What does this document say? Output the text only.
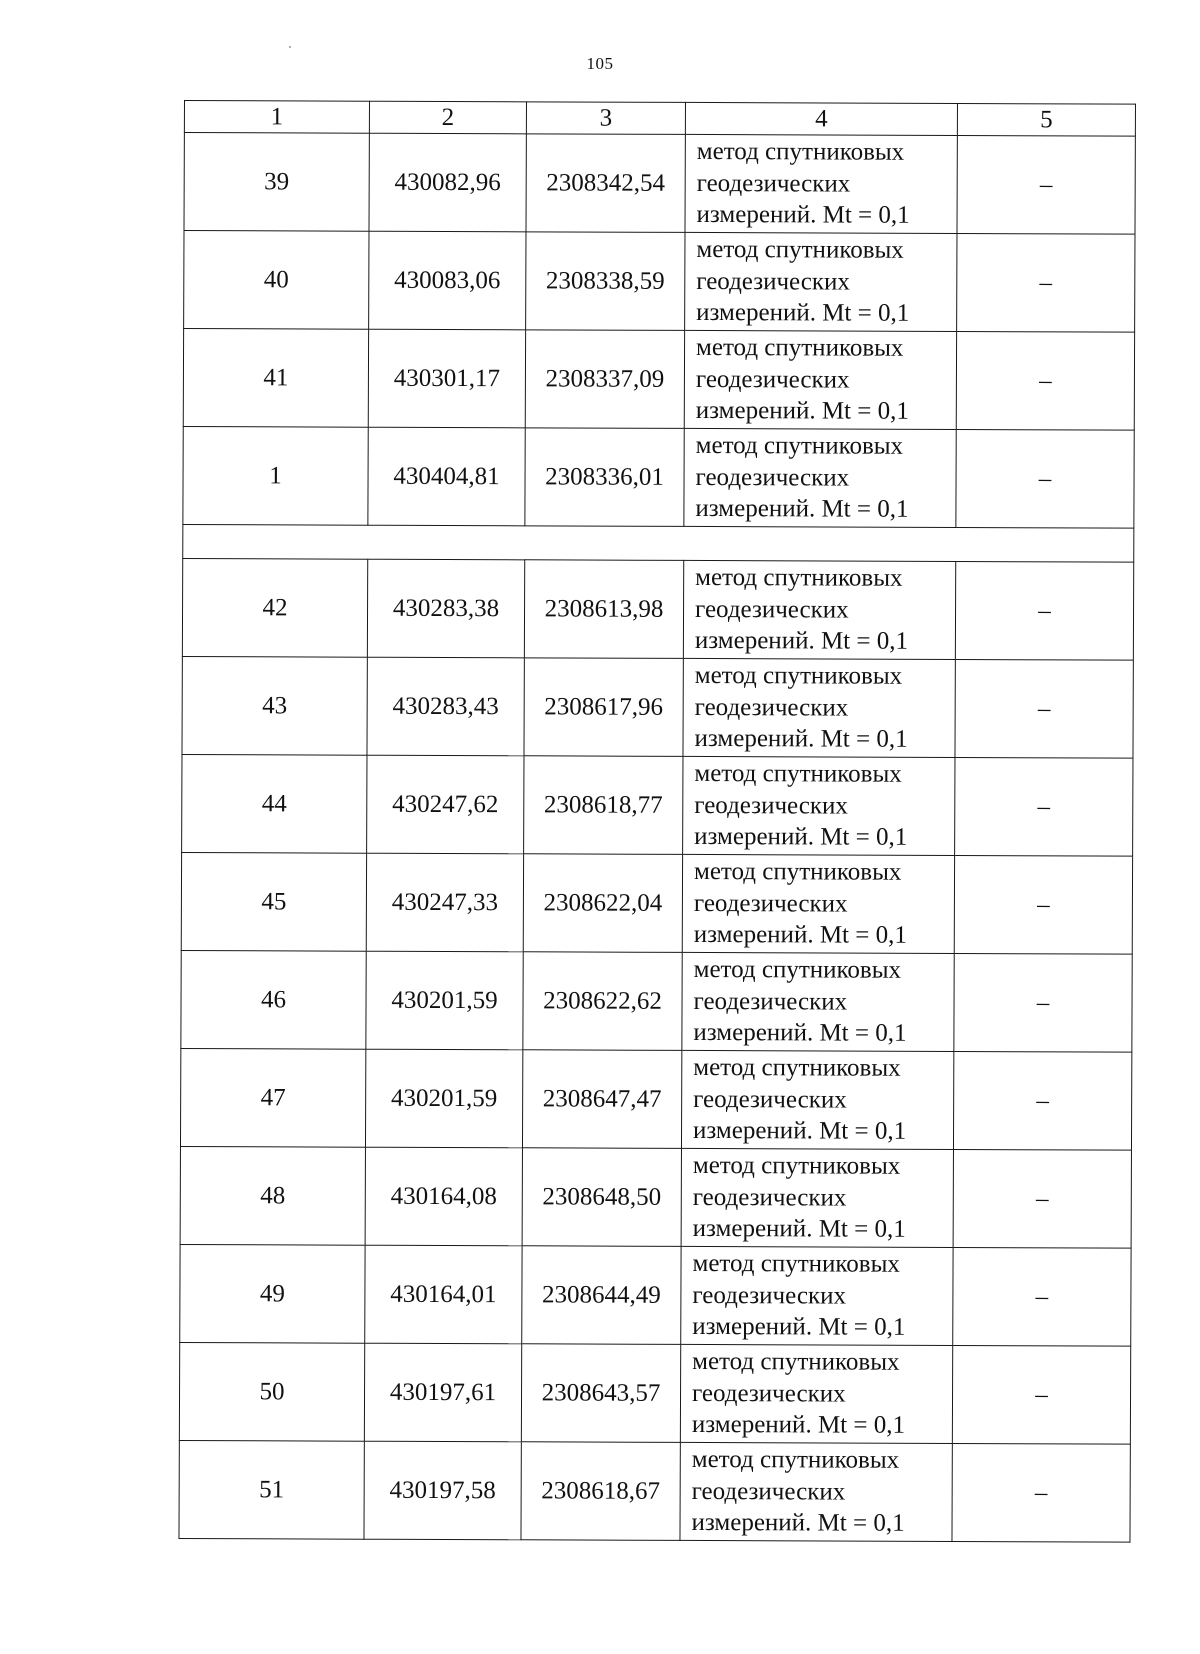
105
1	2	3	4	5
39	430082,96	2308342,54	метод спутниковых
геодезических
измерений. Mt = 0,1	–
40	430083,06	2308338,59	метод спутниковых
геодезических
измерений. Mt = 0,1	–
41	430301,17	2308337,09	метод спутниковых
геодезических
измерений. Mt = 0,1	–
1	430404,81	2308336,01	метод спутниковых
геодезических
измерений. Mt = 0,1	–

42	430283,38	2308613,98	метод спутниковых
геодезических
измерений. Mt = 0,1	–
43	430283,43	2308617,96	метод спутниковых
геодезических
измерений. Mt = 0,1	–
44	430247,62	2308618,77	метод спутниковых
геодезических
измерений. Mt = 0,1	–
45	430247,33	2308622,04	метод спутниковых
геодезических
измерений. Mt = 0,1	–
46	430201,59	2308622,62	метод спутниковых
геодезических
измерений. Mt = 0,1	–
47	430201,59	2308647,47	метод спутниковых
геодезических
измерений. Mt = 0,1	–
48	430164,08	2308648,50	метод спутниковых
геодезических
измерений. Mt = 0,1	–
49	430164,01	2308644,49	метод спутниковых
геодезических
измерений. Mt = 0,1	–
50	430197,61	2308643,57	метод спутниковых
геодезических
измерений. Mt = 0,1	–
51	430197,58	2308618,67	метод спутниковых
геодезических
измерений. Mt = 0,1	–
